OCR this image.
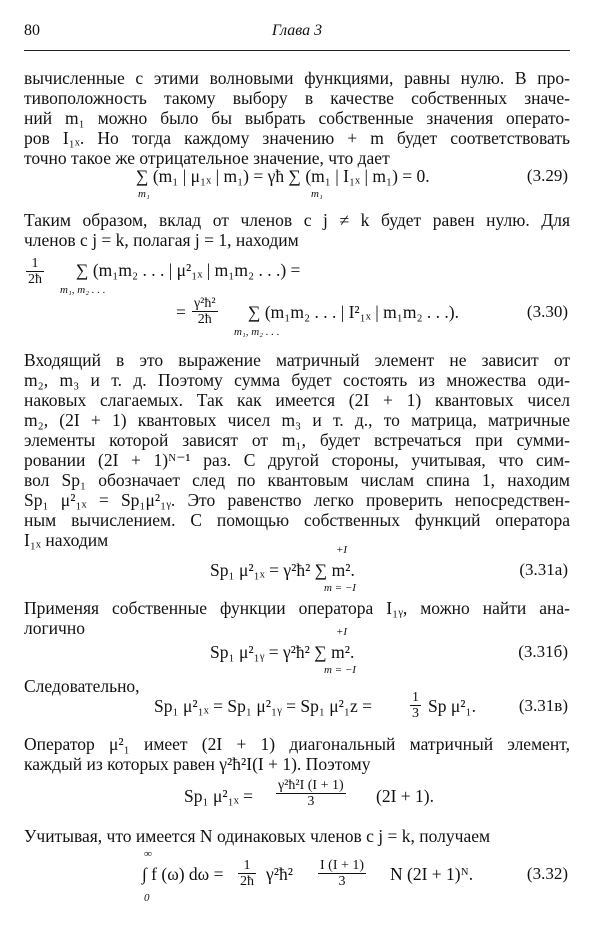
80	Глава 3
вычисленные с этими волновыми функциями, равны нулю. В про-
тивоположность такому выбору в качестве собственных значе-
ний m₁ можно было бы выбрать собственные значения операто-
ров I₁ₓ. Но тогда каждому значению + m будет соответствовать
точно такое же отрицательное значение, что дает
∑ (m₁ | μ₁ₓ | m₁) = γħ ∑ (m₁ | I₁ₓ | m₁) = 0.
m₁	m₁
(3.29)
Таким образом, вклад от членов с j ≠ k будет равен нулю. Для
членов с j = k, полагая j = 1, находим
$\frac{1}{2ħ}$ ∑ (m₁m₂ . . . | μ²₁ₓ | m₁m₂ . . .) =
m₁, m₂ . . .
= $\frac{\text{γ²ħ²}}{2ħ}$ ∑ (m₁m₂ . . . | I²₁ₓ | m₁m₂ . . .).
m₁, m₂ . . .
(3.30)
Входящий в это выражение матричный элемент не зависит от
m₂, m₃ и т. д. Поэтому сумма будет состоять из множества оди-
наковых слагаемых. Так как имеется (2I + 1) квантовых чисел
m₂, (2I + 1) квантовых чисел m₃ и т. д., то матрица, матричные
элементы которой зависят от m₁, будет встречаться при сумми-
ровании (2I + 1)ᴺ⁻¹ раз. С другой стороны, учитывая, что сим-
вол Sp₁ обозначает след по квантовым числам спина 1, находим
Sp₁ μ²₁ₓ = Sp₁μ²₁ᵧ. Это равенство легко проверить непосредствен-
ным вычислением. С помощью собственных функций оператора
I₁ₓ находим	+I
Sp₁ μ²₁ₓ = γ²ħ² ∑ m².
m = −I
(3.31а)
Применяя собственные функции оператора I₁ᵧ, можно найти ана-
логично	+I
Sp₁ μ²₁ᵧ = γ²ħ² ∑ m².
m = −I
(3.31б)
Следовательно,
Sp₁ μ²₁ₓ = Sp₁ μ²₁ᵧ = Sp₁ μ²₁z =	$\frac{1}{3}$ Sp μ²₁.	(3.31в)
Оператор μ²₁ имеет (2I + 1) диагональный матричный элемент,
каждый из которых равен γ²ħ²I(I + 1). Поэтому
Sp₁ $\mu^2_{1x} = \frac{\text{γ²ħ²I (I + 1)}}{3} (2I + 1)$.
Учитывая, что имеется N одинаковых членов с j = k, получаем
∞
∫ f (ω) dω =
0
$\frac{1}{2ħ}$ γ²ħ² $\frac{I (I + 1)}{3}$ N (2I + 1)ᴺ.	(3.32)
